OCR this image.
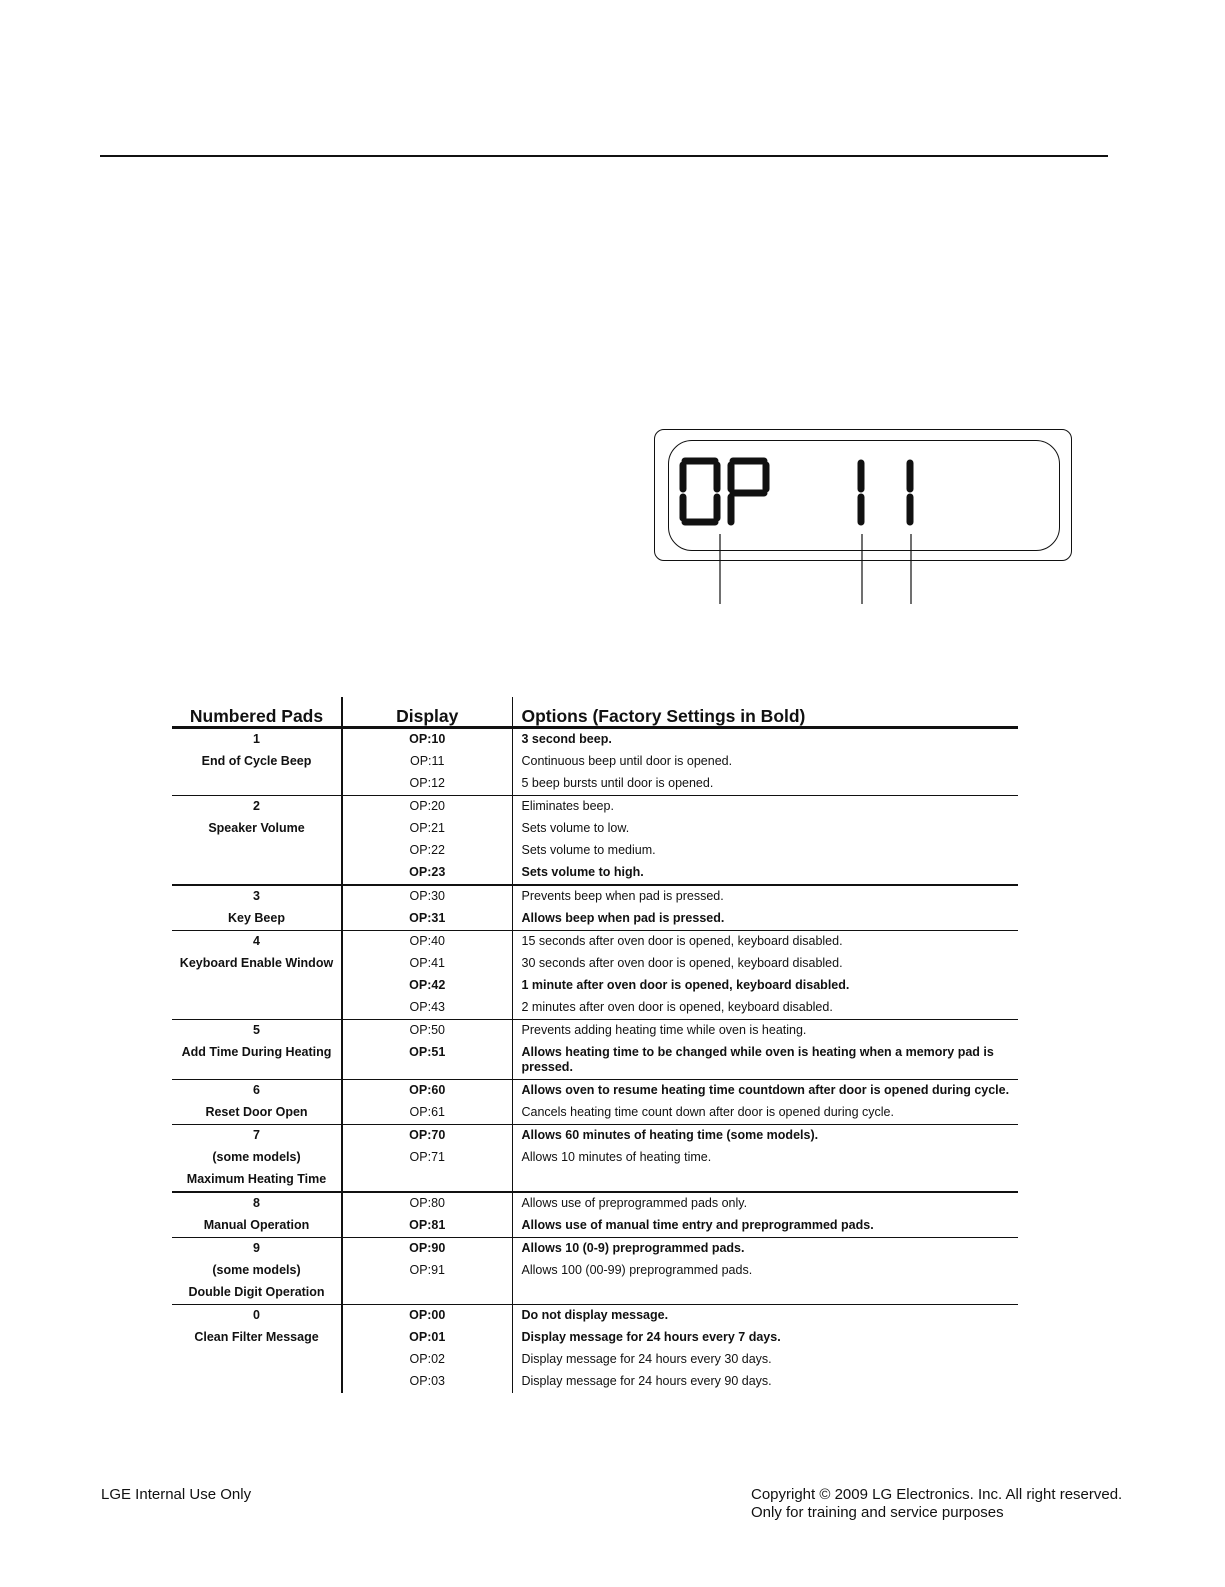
Numbered Pads	Display	Options (Factory Settings in Bold)
1	OP:10	3 second beep.
End of Cycle Beep	OP:11	Continuous beep until door is opened.
	OP:12	5 beep bursts until door is opened.
2	OP:20	Eliminates beep.
Speaker Volume	OP:21	Sets volume to low.
	OP:22	Sets volume to medium.
	OP:23	Sets volume to high.
3	OP:30	Prevents beep when pad is pressed.
Key Beep	OP:31	Allows beep when pad is pressed.
4	OP:40	15 seconds after oven door is opened, keyboard disabled.
Keyboard Enable Window	OP:41	30 seconds after oven door is opened, keyboard disabled.
	OP:42	1 minute after oven door is opened, keyboard disabled.
	OP:43	2 minutes after oven door is opened, keyboard disabled.
5	OP:50	Prevents adding heating time while oven is heating.
Add Time During Heating	OP:51	Allows heating time to be changed while oven is heating when a memory pad is pressed.
6	OP:60	Allows oven to resume heating time countdown after door is opened during cycle.
Reset Door Open	OP:61	Cancels heating time count down after door is opened during cycle.
7	OP:70	Allows 60 minutes of heating time (some models).
(some models)	OP:71	Allows 10 minutes of heating time.
Maximum Heating Time		
8	OP:80	Allows use of preprogrammed pads only.
Manual Operation	OP:81	Allows use of manual time entry and preprogrammed pads.
9	OP:90	Allows 10 (0-9) preprogrammed pads.
(some models)	OP:91	Allows 100 (00-99) preprogrammed pads.
Double Digit Operation		
0	OP:00	Do not display message.
Clean Filter Message	OP:01	Display message for 24 hours every 7 days.
	OP:02	Display message for 24 hours every 30 days.
	OP:03	Display message for 24 hours every 90 days.
LGE Internal Use Only	Copyright © 2009 LG Electronics. Inc. All right reserved.
Only for training and service purposes
